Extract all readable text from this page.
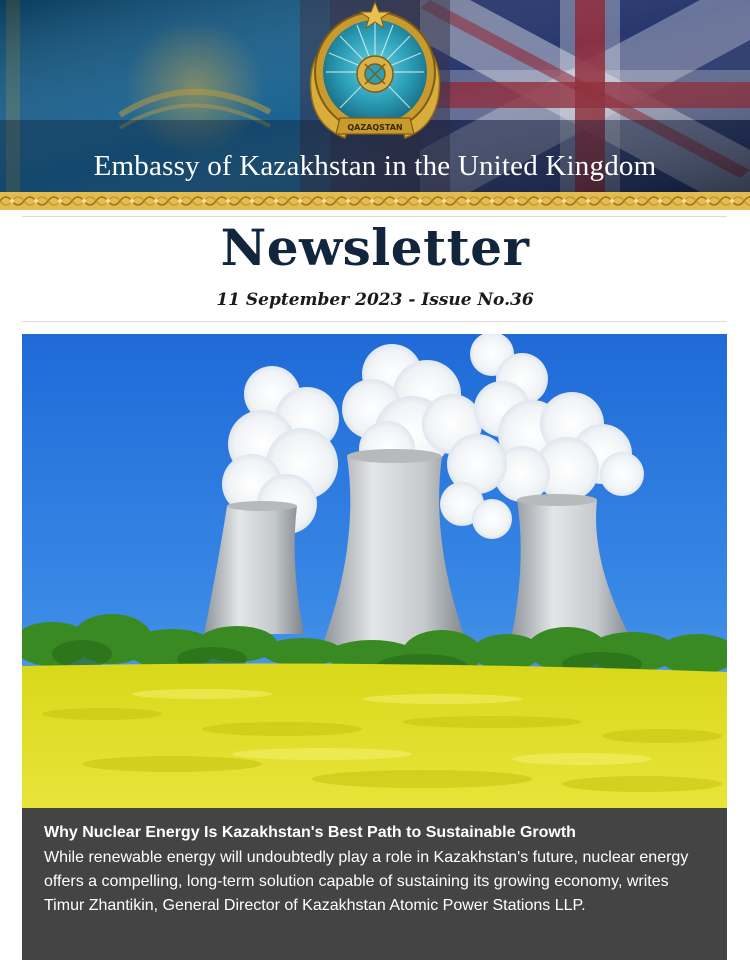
QAZAQSTAN
Embassy of Kazakhstan in the United Kingdom
Newsletter
11 September 2023 - Issue No.36
Why Nuclear Energy Is Kazakhstan's Best Path to Sustainable Growth
While renewable energy will undoubtedly play a role in Kazakhstan's future, nuclear energy offers a compelling, long-term solution capable of sustaining its growing economy, writes Timur Zhantikin, General Director of Kazakhstan Atomic Power Stations LLP.
